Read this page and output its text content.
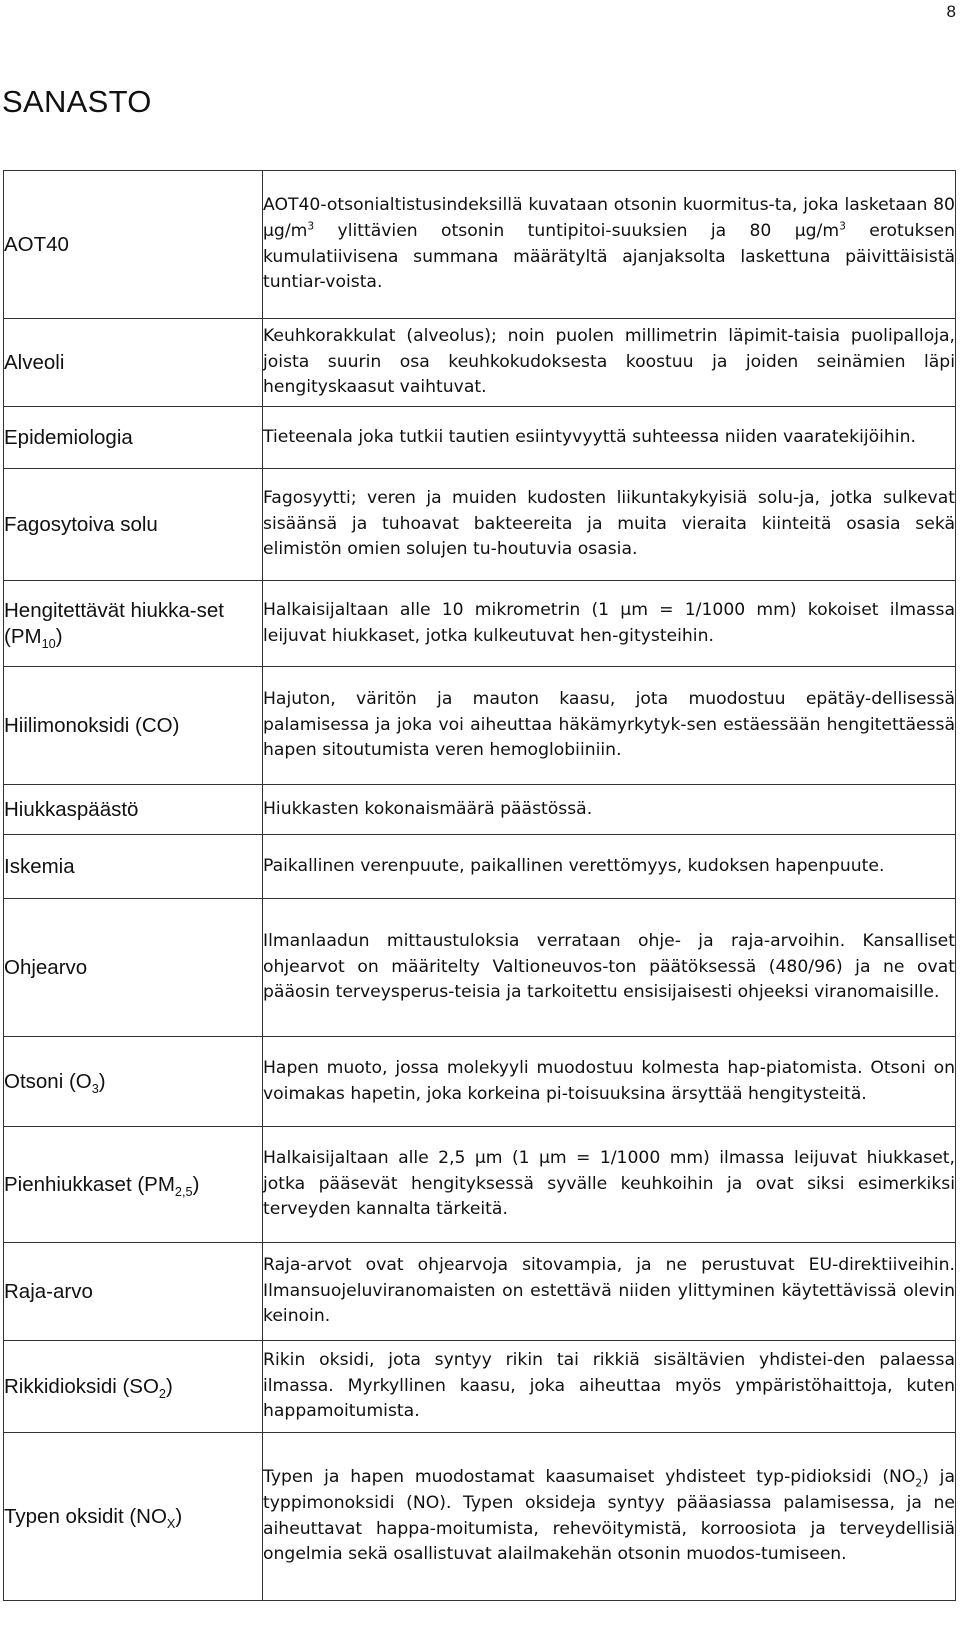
8
SANASTO
AOT40	AOT40-otsonialtistusindeksillä kuvataan otsonin kuormitus-ta, joka lasketaan 80 $\mu g/m^3$ ylittävien otsonin tuntipitoi-suuksien ja 80 $\mu g/m^3$ erotuksen kumulatiivisena summana määrätyltä ajanjaksolta laskettuna päivittäisistä tuntiar-voista.
Alveoli	Keuhkorakkulat (alveolus); noin puolen millimetrin läpimit-taisia puolipalloja, joista suurin osa keuhkokudoksesta koostuu ja joiden seinämien läpi hengityskaasut vaihtuvat.
Epidemiologia	Tieteenala joka tutkii tautien esiintyvyyttä suhteessa niiden vaaratekijöihin.
Fagosytoiva solu	Fagosyytti; veren ja muiden kudosten liikuntakykyisiä solu-ja, jotka sulkevat sisäänsä ja tuhoavat bakteereita ja muita vieraita kiinteitä osasia sekä elimistön omien solujen tu-houtuvia osasia.
Hengitettävät hiukka-set $(PM_{10})$	Halkaisijaltaan alle 10 mikrometrin (1 µm = 1/1000 mm) kokoiset ilmassa leijuvat hiukkaset, jotka kulkeutuvat hen-gitysteihin.
Hiilimonoksidi (CO)	Hajuton, väritön ja mauton kaasu, jota muodostuu epätäy-dellisessä palamisessa ja joka voi aiheuttaa häkämyrkytyk-sen estäessään hengitettäessä hapen sitoutumista veren hemoglobiiniin.
Hiukkaspäästö	Hiukkasten kokonaismäärä päästössä.
Iskemia	Paikallinen verenpuute, paikallinen verettömyys, kudoksen hapenpuute.
Ohjearvo	Ilmanlaadun mittaustuloksia verrataan ohje- ja raja-arvoihin. Kansalliset ohjearvot on määritelty Valtioneuvos-ton päätöksessä (480/96) ja ne ovat pääosin terveysperus-teisia ja tarkoitettu ensisijaisesti ohjeeksi viranomaisille.
Otsoni $(O_3)$	Hapen muoto, jossa molekyyli muodostuu kolmesta hap-piatomista. Otsoni on voimakas hapetin, joka korkeina pi-toisuuksina ärsyttää hengitysteitä.
Pienhiukkaset $(PM_{2,5})$	Halkaisijaltaan alle 2,5 µm (1 µm = 1/1000 mm) ilmassa leijuvat hiukkaset, jotka pääsevät hengityksessä syvälle keuhkoihin ja ovat siksi esimerkiksi terveyden kannalta tärkeitä.
Raja-arvo	Raja-arvot ovat ohjearvoja sitovampia, ja ne perustuvat EU-direktiiveihin. Ilmansuojeluviranomaisten on estettävä niiden ylittyminen käytettävissä olevin keinoin.
Rikkidioksidi $(SO_2)$	Rikin oksidi, jota syntyy rikin tai rikkiä sisältävien yhdistei-den palaessa ilmassa. Myrkyllinen kaasu, joka aiheuttaa myös ympäristöhaittoja, kuten happamoitumista.
Typen oksidit $(NO_X)$	Typen ja hapen muodostamat kaasumaiset yhdisteet typ-pidioksidi $(NO_2)$ ja typpimonoksidi (NO). Typen oksideja syntyy pääasiassa palamisessa, ja ne aiheuttavat happa-moitumista, rehevöitymistä, korroosiota ja terveydellisiä ongelmia sekä osallistuvat alailmakehän otsonin muodos-tumiseen.
